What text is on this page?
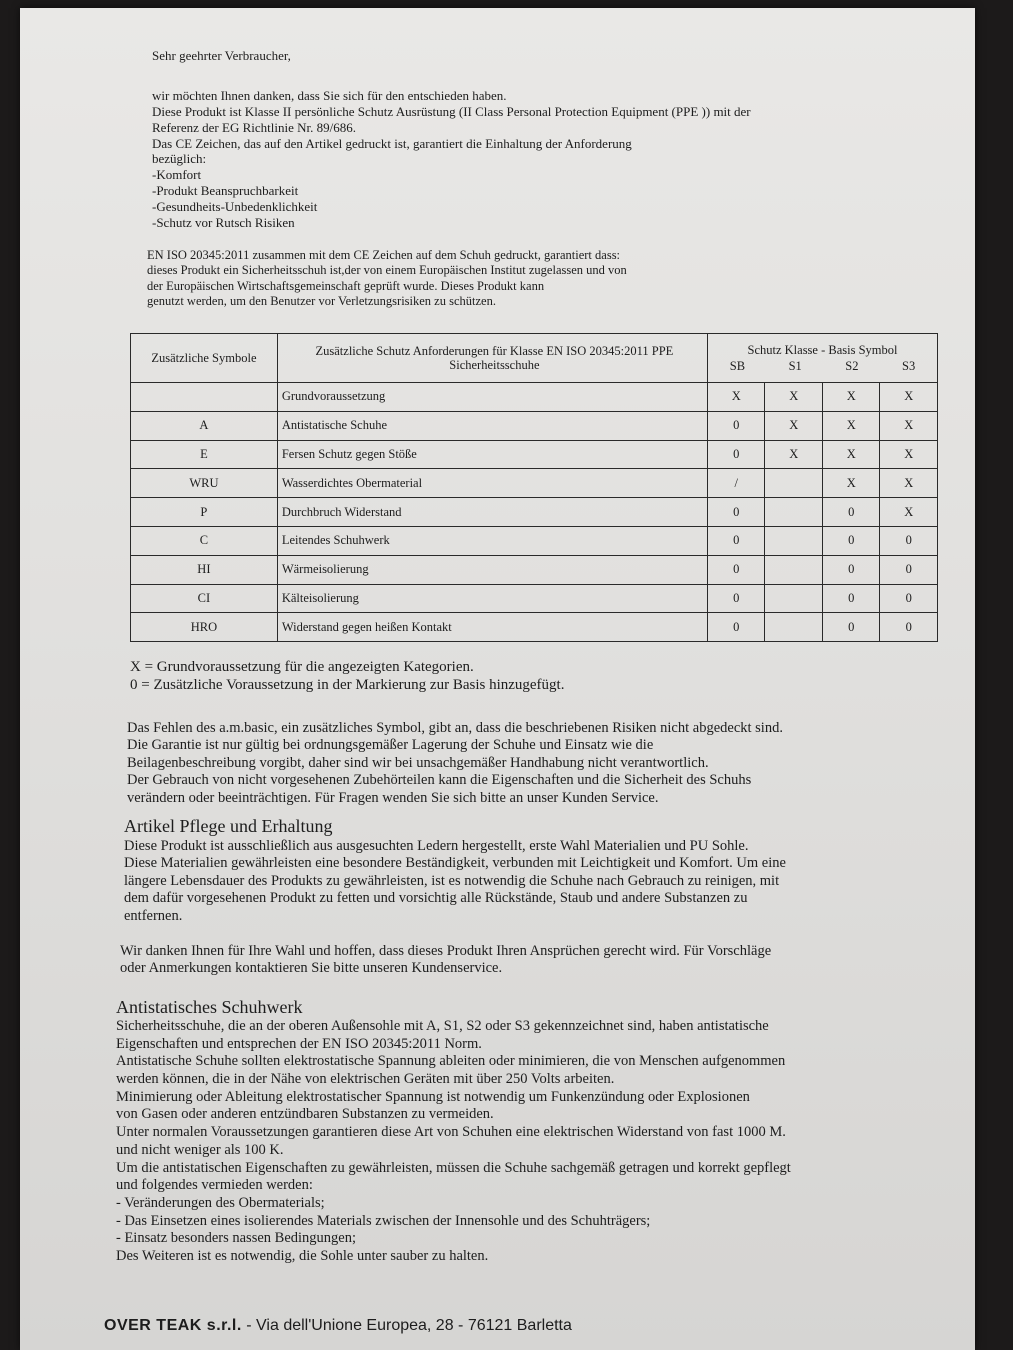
Sehr geehrter Verbraucher,
wir möchten Ihnen danken, dass Sie sich für den entschieden haben.
Diese Produkt ist Klasse II persönliche Schutz Ausrüstung (II Class Personal Protection Equipment (PPE )) mit der
Referenz der EG Richtlinie Nr. 89/686.
Das CE Zeichen, das auf den Artikel gedruckt ist, garantiert die Einhaltung der Anforderung
bezüglich:
-Komfort
-Produkt Beanspruchbarkeit
-Gesundheits-Unbedenklichkeit
-Schutz vor Rutsch Risiken
EN ISO 20345:2011 zusammen mit dem CE Zeichen auf dem Schuh gedruckt, garantiert dass:
dieses Produkt ein Sicherheitsschuh ist,der von einem Europäischen Institut zugelassen und von
der Europäischen Wirtschaftsgemeinschaft geprüft wurde. Dieses Produkt kann
genutzt werden, um den Benutzer vor Verletzungsrisiken zu schützen.
Zusätzliche Symbole	Zusätzliche Schutz Anforderungen für Klasse EN ISO 20345:2011 PPE Sicherheitsschuhe	Schutz Klasse - Basis Symbol
SB S1 S2 S3			

	Grundvoraussetzung	X	X	X	X
A	Antistatische Schuhe	0	X	X	X
E	Fersen Schutz gegen Stöße	0	X	X	X
WRU	Wasserdichtes Obermaterial	/		X	X
P	Durchbruch Widerstand	0		0	X
C	Leitendes Schuhwerk	0		0	0
HI	Wärmeisolierung	0		0	0
CI	Kälteisolierung	0		0	0
HRO	Widerstand gegen heißen Kontakt	0		0	0
X = Grundvoraussetzung für die angezeigten Kategorien.
0 = Zusätzliche Voraussetzung in der Markierung zur Basis hinzugefügt.
Das Fehlen des a.m.basic, ein zusätzliches Symbol, gibt an, dass die beschriebenen Risiken nicht abgedeckt sind.
Die Garantie ist nur gültig bei ordnungsgemäßer Lagerung der Schuhe und Einsatz wie die
Beilagenbeschreibung vorgibt, daher sind wir bei unsachgemäßer Handhabung nicht verantwortlich.
Der Gebrauch von nicht vorgesehenen Zubehörteilen kann die Eigenschaften und die Sicherheit des Schuhs
verändern oder beeinträchtigen. Für Fragen wenden Sie sich bitte an unser Kunden Service.
Artikel Pflege und Erhaltung
Diese Produkt ist ausschließlich aus ausgesuchten Ledern hergestellt, erste Wahl Materialien und PU Sohle.
Diese Materialien gewährleisten eine besondere Beständigkeit, verbunden mit Leichtigkeit und Komfort. Um eine
längere Lebensdauer des Produkts zu gewährleisten, ist es notwendig die Schuhe nach Gebrauch zu reinigen, mit
dem dafür vorgesehenen Produkt zu fetten und vorsichtig alle Rückstände, Staub und andere Substanzen zu
entfernen.
Wir danken Ihnen für Ihre Wahl und hoffen, dass dieses Produkt Ihren Ansprüchen gerecht wird. Für Vorschläge
oder Anmerkungen kontaktieren Sie bitte unseren Kundenservice.
Antistatisches Schuhwerk
Sicherheitsschuhe, die an der oberen Außensohle mit A, S1, S2 oder S3 gekennzeichnet sind, haben antistatische
Eigenschaften und entsprechen der EN ISO 20345:2011 Norm.
Antistatische Schuhe sollten elektrostatische Spannung ableiten oder minimieren, die von Menschen aufgenommen
werden können, die in der Nähe von elektrischen Geräten mit über 250 Volts arbeiten.
Minimierung oder Ableitung elektrostatischer Spannung ist notwendig um Funkenzündung oder Explosionen
von Gasen oder anderen entzündbaren Substanzen zu vermeiden.
Unter normalen Voraussetzungen garantieren diese Art von Schuhen eine elektrischen Widerstand von fast 1000 M.
und nicht weniger als 100 K.
Um die antistatischen Eigenschaften zu gewährleisten, müssen die Schuhe sachgemäß getragen und korrekt gepflegt
und folgendes vermieden werden:
- Veränderungen des Obermaterials;
- Das Einsetzen eines isolierendes Materials zwischen der Innensohle und des Schuhträgers;
- Einsatz besonders nassen Bedingungen;
Des Weiteren ist es notwendig, die Sohle unter sauber zu halten.
OVER TEAK s.r.l. - Via dell'Unione Europea, 28 - 76121 Barletta
